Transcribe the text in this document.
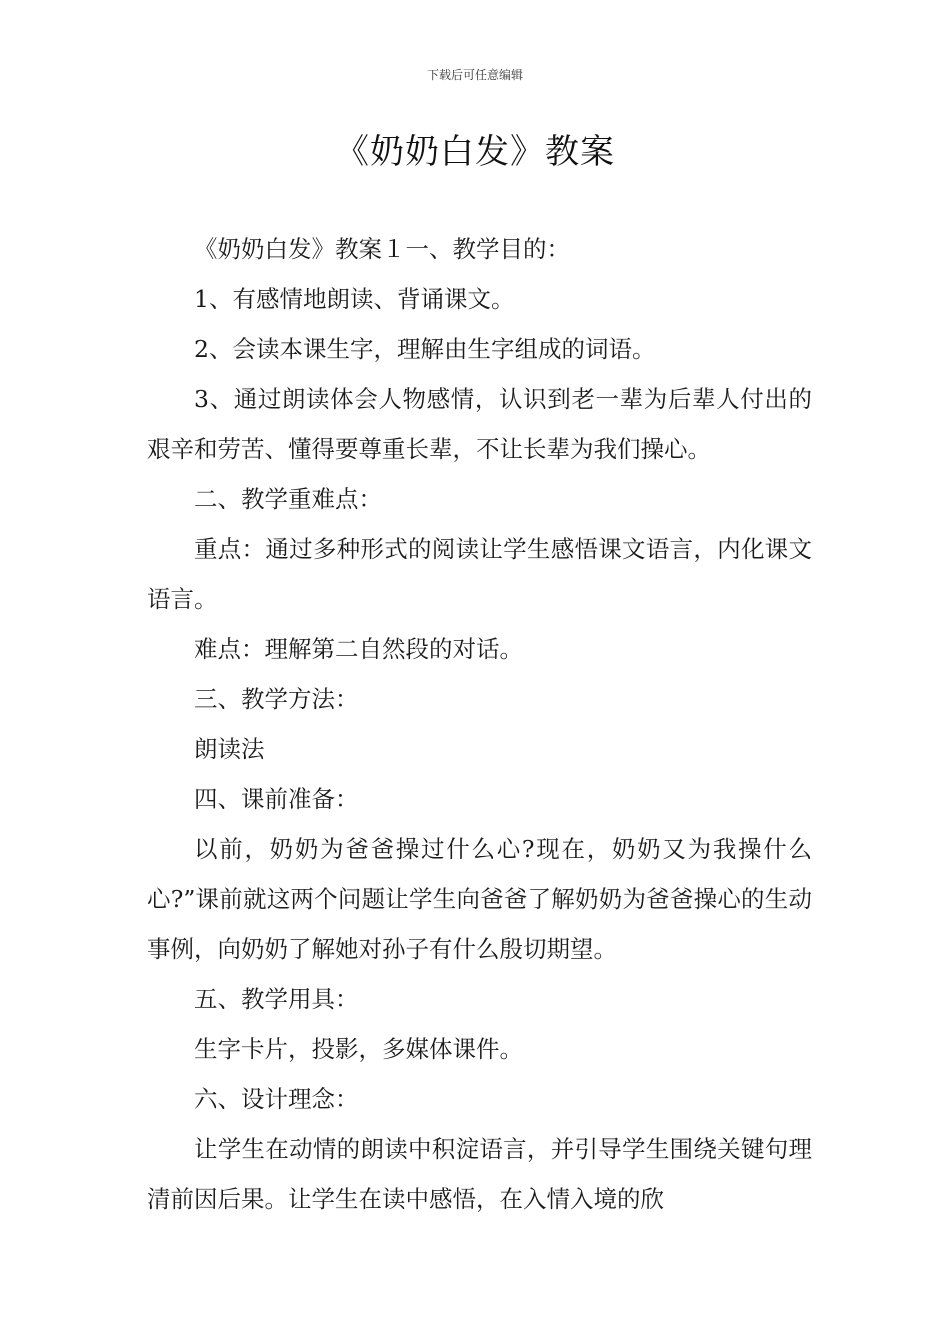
下载后可任意编辑
《奶奶白发》教案

《奶奶白发》教案１一、教学目的：

1、有感情地朗读、背诵课文。

2、会读本课生字，理解由生字组成的词语。

3、通过朗读体会人物感情，认识到老一辈为后辈人付出的艰辛和劳苦、懂得要尊重长辈，不让长辈为我们操心。

二、教学重难点：

重点：通过多种形式的阅读让学生感悟课文语言，内化课文语言。

难点：理解第二自然段的对话。

三、教学方法：

朗读法

四、课前准备：

以前，奶奶为爸爸操过什么心?现在，奶奶又为我操什么心?”课前就这两个问题让学生向爸爸了解奶奶为爸爸操心的生动事例，向奶奶了解她对孙子有什么殷切期望。

五、教学用具：

生字卡片，投影，多媒体课件。

六、设计理念：

让学生在动情的朗读中积淀语言，并引导学生围绕关键句理清前因后果。让学生在读中感悟，在入情入境的欣
